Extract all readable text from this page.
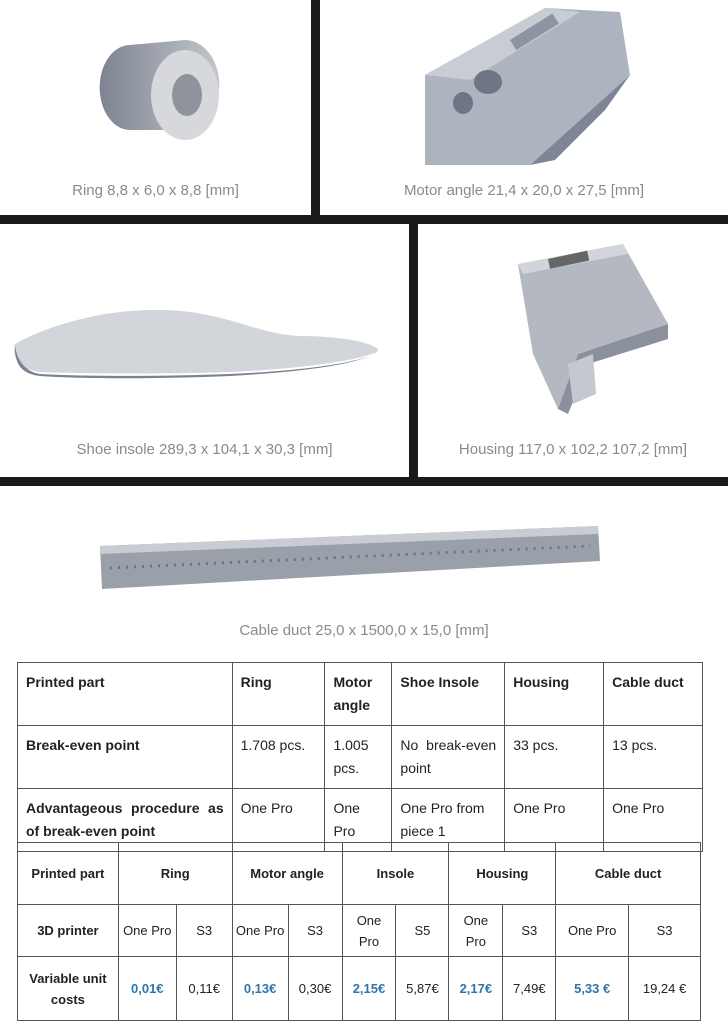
Ring 8,8 x 6,0 x 8,8 [mm]	Motor angle 21,4 x 20,0 x 27,5 [mm]
Shoe insole 289,3 x 104,1 x 30,3 [mm]	Housing 117,0 x 102,2 107,2 [mm]
Cable duct 25,0 x 1500,0 x 15,0 [mm]
Printed part	Ring	Motor angle	Shoe Insole	Housing	Cable duct
Break-even point	1.708 pcs.	1.005 pcs.	No break-even point	33 pcs.	13 pcs.
Advantageous procedure as of break-even point	One Pro	One Pro	One Pro from piece 1	One Pro	One Pro
Printed part	Ring		Motor angle		Insole		Housing		Cable duct	
3D printer	One Pro	S3	One Pro	S3	One Pro	S5	One Pro	S3	One Pro	S3
Variable unit costs	0,01€	0,11€	0,13€	0,30€	2,15€	5,87€	2,17€	7,49€	5,33 €	19,24 €
